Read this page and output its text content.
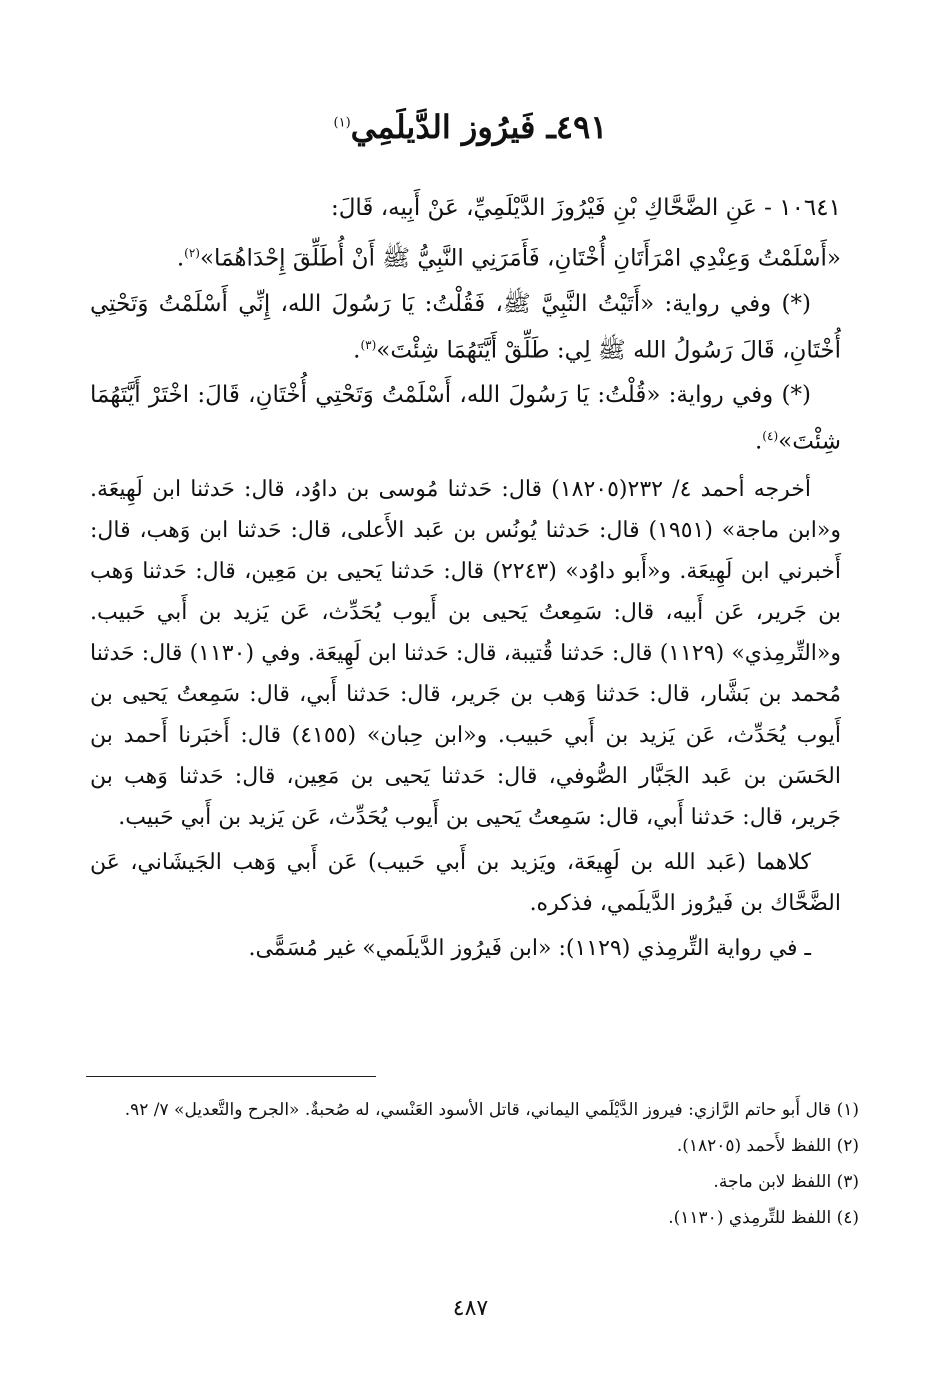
٤٩١ـ فَيرُوز الدَّيلَمِي$^{(١)}$

١٠٦٤١ - عَنِ الضَّحَّاكِ بْنِ فَيْرُوزَ الدَّيْلَمِيِّ، عَنْ أَبِيه، قَالَ:

«أَسْلَمْتُ وَعِنْدِي امْرَأَتَانِ أُخْتَانِ، فَأَمَرَنِي النَّبِيُّ ﷺ أَنْ أُطَلِّقَ إِحْدَاهُمَا»$^{(٢)}$.

(*) وفي رواية: «أَتَيْتُ النَّبِيَّ ﷺ، فَقُلْتُ: يَا رَسُولَ الله، إِنِّي أَسْلَمْتُ وَتَحْتِي أُخْتَانِ، قَالَ رَسُولُ الله ﷺ لِي: طَلِّقْ أَيَّتَهُمَا شِئْتَ»$^{(٣)}$.

(*) وفي رواية: «قُلْتُ: يَا رَسُولَ الله، أَسْلَمْتُ وَتَحْتِي أُخْتَانِ، قَالَ: اخْتَرْ أَيَّتَهُمَا شِئْتَ»$^{(٤)}$.

أخرجه أحمد ٤/ ٢٣٢(١٨٢٠٥) قال: حَدثنا مُوسى بن داوُد، قال: حَدثنا ابن لَهِيعَة. و«ابن ماجة» (١٩٥١) قال: حَدثنا يُونُس بن عَبد الأَعلى، قال: حَدثنا ابن وَهب، قال: أَخبرني ابن لَهِيعَة. و«أَبو داوُد» (٢٢٤٣) قال: حَدثنا يَحيى بن مَعِين، قال: حَدثنا وَهب بن جَرير، عَن أَبيه، قال: سَمِعتُ يَحيى بن أَيوب يُحَدِّث، عَن يَزيد بن أَبي حَبيب. و«التِّرمِذي» (١١٢٩) قال: حَدثنا قُتيبة، قال: حَدثنا ابن لَهِيعَة. وفي (١١٣٠) قال: حَدثنا مُحمد بن بَشَّار، قال: حَدثنا وَهب بن جَرير، قال: حَدثنا أَبي، قال: سَمِعتُ يَحيى بن أَيوب يُحَدِّث، عَن يَزيد بن أَبي حَبيب. و«ابن حِبان» (٤١٥٥) قال: أَخبَرنا أَحمد بن الحَسَن بن عَبد الجَبَّار الصُّوفي، قال: حَدثنا يَحيى بن مَعِين، قال: حَدثنا وَهب بن جَرير، قال: حَدثنا أَبي، قال: سَمِعتُ يَحيى بن أَيوب يُحَدِّث، عَن يَزيد بن أَبي حَبيب.

كلاهما (عَبد الله بن لَهِيعَة، ويَزيد بن أَبي حَبيب) عَن أَبي وَهب الجَيشَاني، عَن الضَّحَّاك بن فَيرُوز الدَّيلَمي، فذكره.

ـ في رواية التِّرمِذي (١١٢٩): «ابن فَيرُوز الدَّيلَمي» غير مُسَمًّى.

(١) قال أَبو حاتم الرَّازي: فيروز الدَّيْلَمي اليماني، قاتل الأسود العَنْسي، له صُحبةٌ. «الجرح والتَّعديل» ٧/ ٩٢.
(٢) اللفظ لأَحمد (١٨٢٠٥).
(٣) اللفظ لابن ماجة.
(٤) اللفظ للتِّرمِذي (١١٣٠).
٤٨٧
